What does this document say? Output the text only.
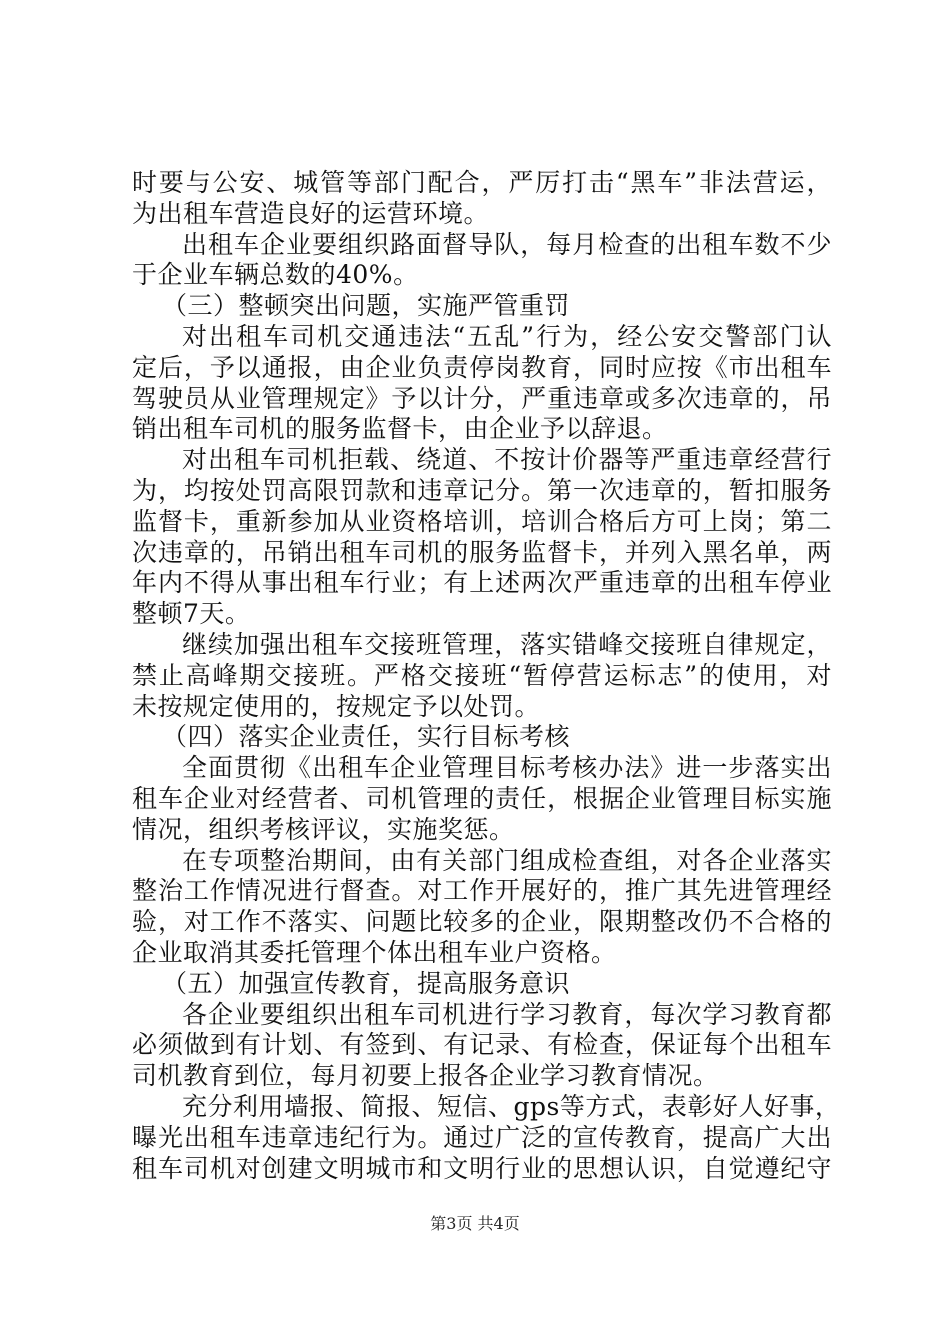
时要与公安、城管等部门配合，严厉打击“黑车”非法营运，
为出租车营造良好的运营环境。
出租车企业要组织路面督导队，每月检查的出租车数不少
于企业车辆总数的40%。
（三）整顿突出问题，实施严管重罚
对出租车司机交通违法“五乱”行为，经公安交警部门认
定后，予以通报，由企业负责停岗教育，同时应按《市出租车
驾驶员从业管理规定》予以计分，严重违章或多次违章的，吊
销出租车司机的服务监督卡，由企业予以辞退。
对出租车司机拒载、绕道、不按计价器等严重违章经营行
为，均按处罚高限罚款和违章记分。第一次违章的，暂扣服务
监督卡，重新参加从业资格培训，培训合格后方可上岗；第二
次违章的，吊销出租车司机的服务监督卡，并列入黑名单，两
年内不得从事出租车行业；有上述两次严重违章的出租车停业
整顿7天。
继续加强出租车交接班管理，落实错峰交接班自律规定，
禁止高峰期交接班。严格交接班“暂停营运标志”的使用，对
未按规定使用的，按规定予以处罚。
（四）落实企业责任，实行目标考核
全面贯彻《出租车企业管理目标考核办法》进一步落实出
租车企业对经营者、司机管理的责任，根据企业管理目标实施
情况，组织考核评议，实施奖惩。
在专项整治期间，由有关部门组成检查组，对各企业落实
整治工作情况进行督查。对工作开展好的，推广其先进管理经
验，对工作不落实、问题比较多的企业，限期整改仍不合格的
企业取消其委托管理个体出租车业户资格。
（五）加强宣传教育，提高服务意识
各企业要组织出租车司机进行学习教育，每次学习教育都
必须做到有计划、有签到、有记录、有检查，保证每个出租车
司机教育到位，每月初要上报各企业学习教育情况。
充分利用墙报、简报、短信、gps等方式，表彰好人好事，
曝光出租车违章违纪行为。通过广泛的宣传教育，提高广大出
租车司机对创建文明城市和文明行业的思想认识，自觉遵纪守
第3页 共4页
